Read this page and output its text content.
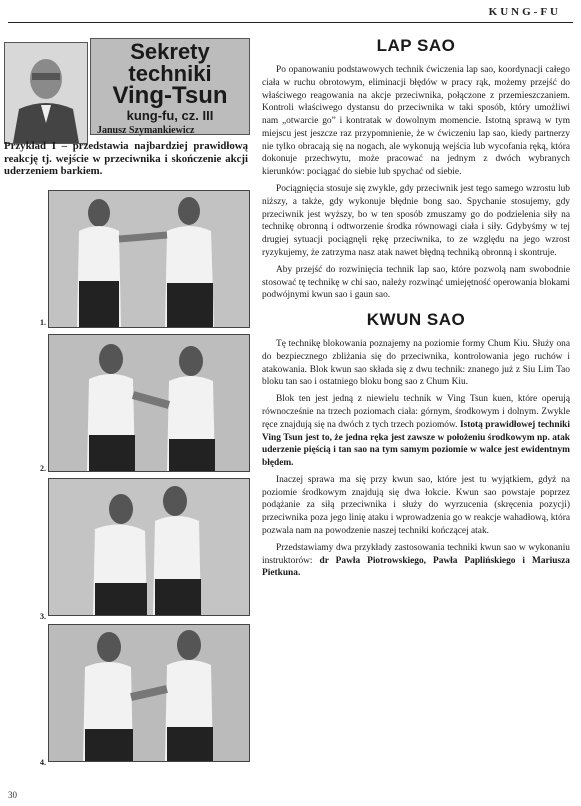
KUNG-FU
Sekrety
techniki
Ving-Tsun
kung-fu, cz. III
Janusz Szymankiewicz
Przykład I – przedstawia najbardziej prawidłową reakcję tj. wejście w przeciwnika i skończenie akcji uderzeniem barkiem.
1.
2.
3.
4.
LAP SAO

Po opanowaniu podstawowych technik ćwiczenia lap sao, koordynacji całego ciała w ruchu obrotowym, eliminacji błędów w pracy rąk, możemy przejść do właściwego reagowania na akcje przeciwnika, połączone z przemieszczaniem. Kontroli właściwego dystansu do przeciwnika w taki sposób, który umożliwi nam „otwarcie go” i kontratak w dowolnym momencie. Istotną sprawą w tym miejscu jest jeszcze raz przypomnienie, że w ćwiczeniu lap sao, kiedy partnerzy nie tylko obracają się na nogach, ale wykonują wejścia lub wycofania ręką, która dokonuje przechwytu, może pracować na jednym z dwóch wybranych kierunków: pociągać do siebie lub spychać od siebie.

Pociągnięcia stosuje się zwykle, gdy przeciwnik jest tego samego wzrostu lub niższy, a także, gdy wykonuje błędnie bong sao. Spychanie stosujemy, gdy przeciwnik jest wyższy, bo w ten sposób zmuszamy go do podzielenia siły na technikę obronną i odtworzenie środka równowagi ciała i siły. Gdybyśmy w tej drugiej sytuacji pociągnęli rękę przeciwnika, to ze względu na jego wzrost ryzykujemy, że zatrzyma nasz atak nawet błędną techniką obronną i skontruje.

Aby przejść do rozwinięcia technik lap sao, które pozwolą nam swobodnie stosować tę technikę w chi sao, należy rozwinąć umiejętność operowania blokami podwójnymi kwun sao i gaun sao.

KWUN SAO

Tę technikę blokowania poznajemy na poziomie formy Chum Kiu. Służy ona do bezpiecznego zbliżania się do przeciwnika, kontrolowania jego ruchów i atakowania. Blok kwun sao składa się z dwu technik: znanego już z Siu Lim Tao bloku tan sao i ostatniego bloku bong sao z Chum Kiu.

Blok ten jest jedną z niewielu technik w Ving Tsun kuen, które operują równocześnie na trzech poziomach ciała: górnym, środkowym i dolnym. Zwykle ręce znajdują się na dwóch z tych trzech poziomów. Istotą prawidłowej techniki Ving Tsun jest to, że jedna ręka jest zawsze w położeniu środkowym np. atak uderzenie pięścią i tan sao na tym samym poziomie w walce jest ewidentnym błędem.

Inaczej sprawa ma się przy kwun sao, które jest tu wyjątkiem, gdyż na poziomie środkowym znajdują się dwa łokcie. Kwun sao powstaje poprzez podążanie za siłą przeciwnika i służy do wyrzucenia (skręcenia pozycji) przeciwnika poza jego linię ataku i wprowadzenia go w reakcje wahadłową, która pozwala nam na powodzenie naszej techniki kończącej atak.

Przedstawiamy dwa przykłady zastosowania techniki kwun sao w wykonaniu instruktorów: dr Pawła Piotrowskiego, Pawła Paplińskiego i Mariusza Pietkuna.

30
